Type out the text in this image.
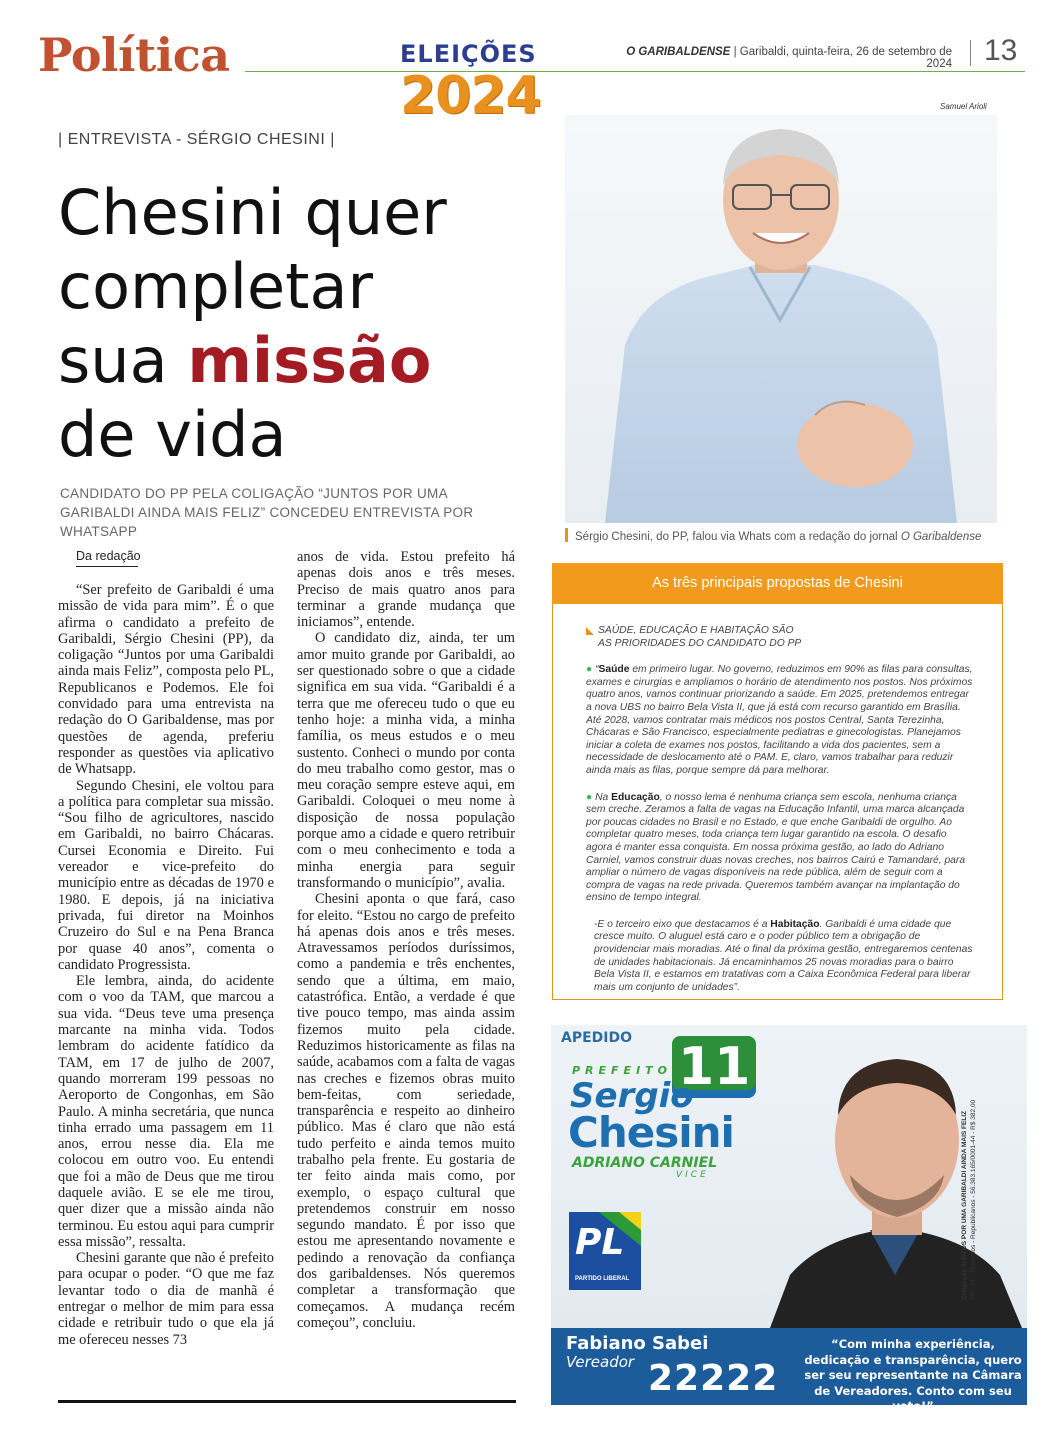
Política	ELEIÇÕES
2024
O GARIBALDENSE | Garibaldi, quinta-feira, 26 de setembro de 2024 13
| ENTREVISTA - SÉRGIO CHESINI |
Chesini quer
completar
sua missão
de vida
CANDIDATO DO PP PELA COLIGAÇÃO “JUNTOS POR UMA GARIBALDI AINDA MAIS FELIZ” CONCEDEU ENTREVISTA POR WHATSAPP
Samuel Arioli
Sérgio Chesini, do PP, falou via Whats com a redação do jornal O Garibaldense
Da redação

“Ser prefeito de Garibaldi é uma missão de vida para mim”. É o que afirma o candidato a prefeito de Garibaldi, Sérgio Chesini (PP), da coligação “Juntos por uma Garibaldi ainda mais Feliz”, composta pelo PL, Republicanos e Podemos. Ele foi convidado para uma entrevista na redação do O Garibaldense, mas por questões de agenda, preferiu responder as questões via aplicativo de Whatsapp.

Segundo Chesini, ele voltou para a política para completar sua missão. “Sou filho de agricultores, nascido em Garibaldi, no bairro Chácaras. Cursei Economia e Direito. Fui vereador e vice-prefeito do município entre as décadas de 1970 e 1980. E depois, já na iniciativa privada, fui diretor na Moinhos Cruzeiro do Sul e na Pena Branca por quase 40 anos”, comenta o candidato Progressista.

Ele lembra, ainda, do acidente com o voo da TAM, que marcou a sua vida. “Deus teve uma presença marcante na minha vida. Todos lembram do acidente fatídico da TAM, em 17 de julho de 2007, quando morreram 199 pessoas no Aeroporto de Congonhas, em São Paulo. A minha secretária, que nunca tinha errado uma passagem em 11 anos, errou nesse dia. Ela me colocou em outro voo. Eu entendi que foi a mão de Deus que me tirou daquele avião. E se ele me tirou, quer dizer que a missão ainda não terminou. Eu estou aqui para cumprir essa missão”, ressalta.

Chesini garante que não é prefeito para ocupar o poder. “O que me faz levantar todo o dia de manhã é entregar o melhor de mim para essa cidade e retribuir tudo o que ela já me ofereceu nesses 73

anos de vida. Estou prefeito há apenas dois anos e três meses. Preciso de mais quatro anos para terminar a grande mudança que iniciamos”, entende.

O candidato diz, ainda, ter um amor muito grande por Garibaldi, ao ser questionado sobre o que a cidade significa em sua vida. “Garibaldi é a terra que me ofereceu tudo o que eu tenho hoje: a minha vida, a minha família, os meus estudos e o meu sustento. Conheci o mundo por conta do meu trabalho como gestor, mas o meu coração sempre esteve aqui, em Garibaldi. Coloquei o meu nome à disposição de nossa população porque amo a cidade e quero retribuir com o meu conhecimento e toda a minha energia para seguir transformando o município”, avalia.

Chesini aponta o que fará, caso for eleito. “Estou no cargo de prefeito há apenas dois anos e três meses. Atravessamos períodos duríssimos, como a pandemia e três enchentes, sendo que a última, em maio, catastrófica. Então, a verdade é que tive pouco tempo, mas ainda assim fizemos muito pela cidade. Reduzimos historicamente as filas na saúde, acabamos com a falta de vagas nas creches e fizemos obras muito bem-feitas, com seriedade, transparência e respeito ao dinheiro público. Mas é claro que não está tudo perfeito e ainda temos muito trabalho pela frente. Eu gostaria de ter feito ainda mais como, por exemplo, o espaço cultural que pretendemos construir em nosso segundo mandato. É por isso que estou me apresentando novamente e pedindo a renovação da confiança dos garibaldenses. Nós queremos completar a transformação que começamos. A mudança recém começou”, concluiu.

As três principais propostas de Chesini
SAÚDE, EDUCAÇÃO E HABITAÇÃO SÃO
AS PRIORIDADES DO CANDIDATO DO PP

● “Saúde em primeiro lugar. No governo, reduzimos em 90% as filas para consultas, exames e cirurgias e ampliamos o horário de atendimento nos postos. Nos próximos quatro anos, vamos continuar priorizando a saúde. Em 2025, pretendemos entregar a nova UBS no bairro Bela Vista II, que já está com recurso garantido em Brasília. Até 2028, vamos contratar mais médicos nos postos Central, Santa Terezinha, Chácaras e São Francisco, especialmente pediatras e ginecologistas. Planejamos iniciar a coleta de exames nos postos, facilitando a vida dos pacientes, sem a necessidade de deslocamento até o PAM. E, claro, vamos trabalhar para reduzir ainda mais as filas, porque sempre dá para melhorar.

● Na Educação, o nosso lema é nenhuma criança sem escola, nenhuma criança sem creche. Zeramos a falta de vagas na Educação Infantil, uma marca alcançada por poucas cidades no Brasil e no Estado, e que enche Garibaldi de orgulho. Ao completar quatro meses, toda criança tem lugar garantido na escola. O desafio agora é manter essa conquista. Em nossa próxima gestão, ao lado do Adriano Carniel, vamos construir duas novas creches, nos bairros Cairú e Tamandaré, para ampliar o número de vagas disponíveis na rede pública, além de seguir com a compra de vagas na rede privada. Queremos também avançar na implantação do ensino de tempo integral.

-E o terceiro eixo que destacamos é a Habitação. Garibaldi é uma cidade que cresce muito. O aluguel está caro e o poder público tem a obrigação de providenciar mais moradias. Até o final da próxima gestão, entregaremos centenas de unidades habitacionais. Já encaminhamos 25 novas moradias para o bairro Bela Vista II, e estamos em tratativas com a Caixa Econômica Federal para liberar mais um conjunto de unidades”.

APEDIDO 11
PREFEITO
Sergio
Chesini
ADRIANO CARNIEL
VICE
PL
PARTIDO LIBERAL	Coligação JUNTOS POR UMA GARIBALDI AINDA MAIS FELIZ PP - PL - Podemos - Republicanos - 56.383.165/0001-44 - R$ 382,00
Fabiano Sabei
Vereador 22222
“Com minha experiência, dedicação e transparência, quero ser seu representante na Câmara de Vereadores. Conto com seu voto!”
